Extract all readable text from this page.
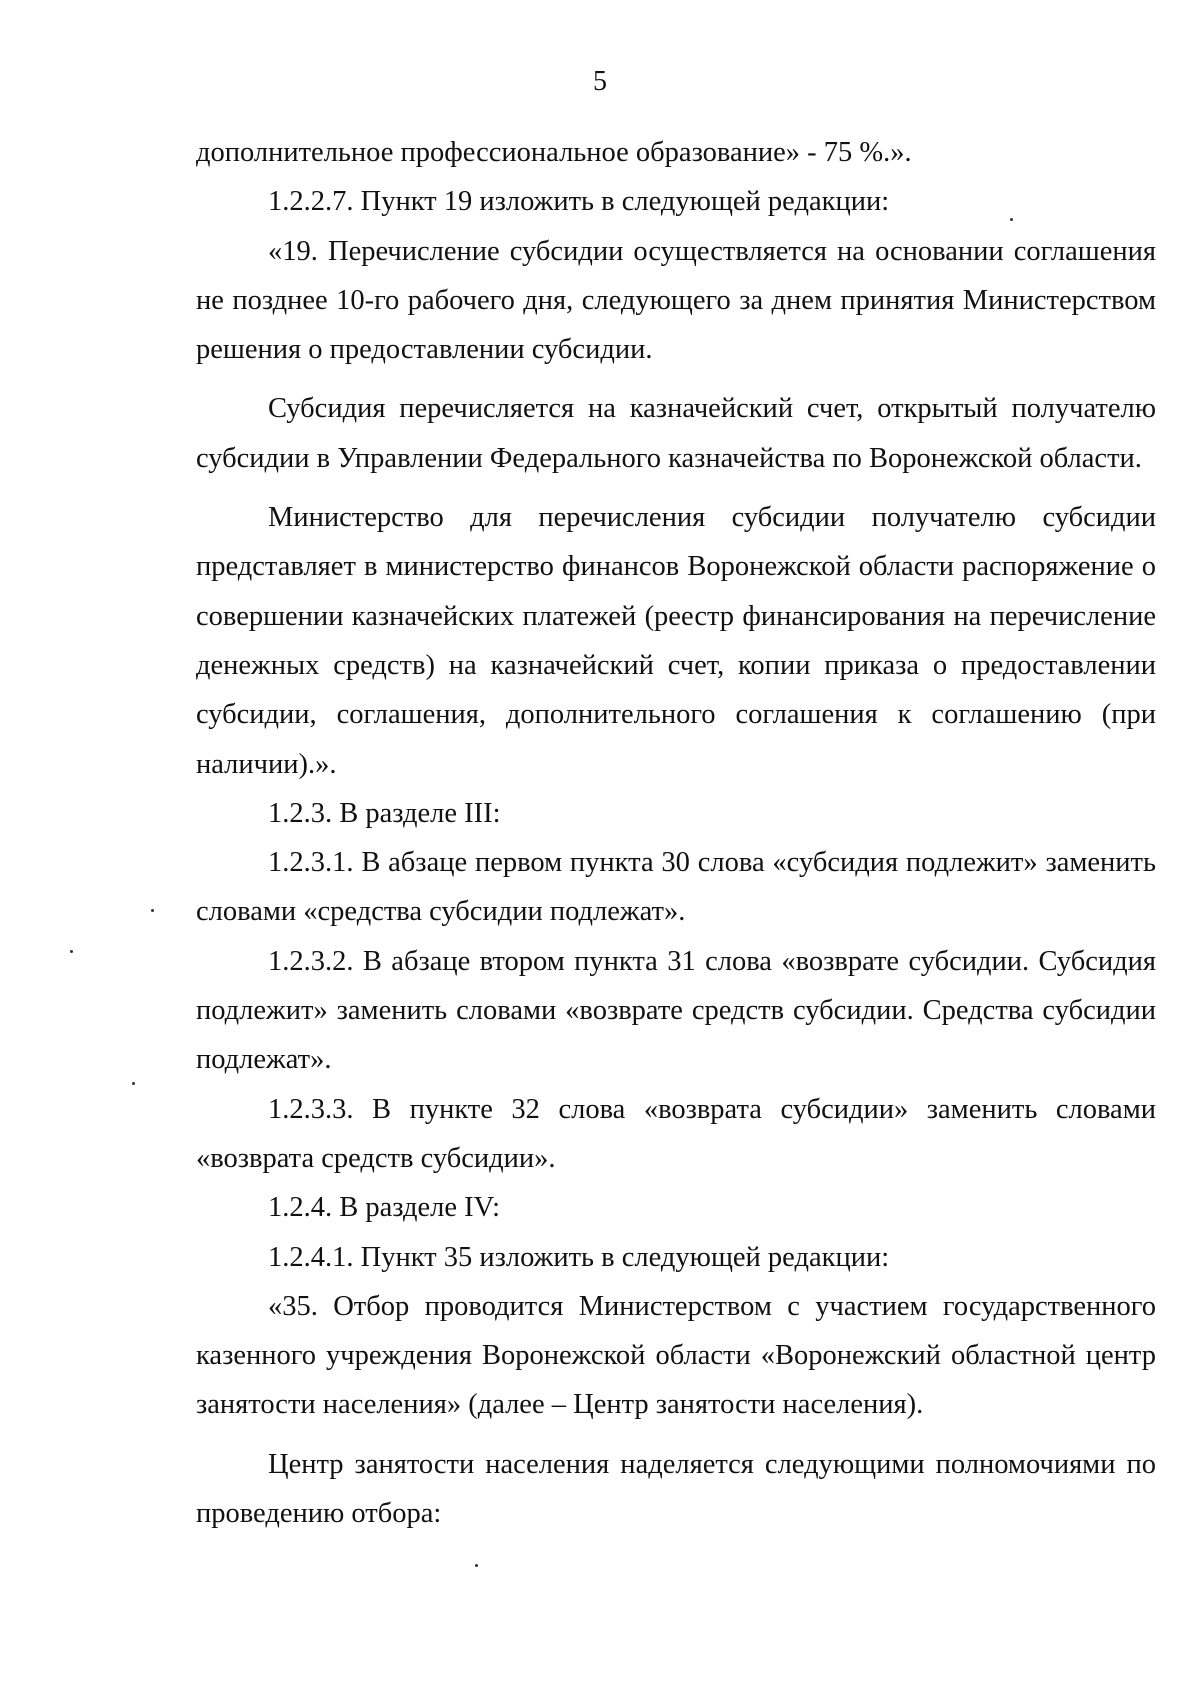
5

дополнительное профессиональное образование» - 75 %.».

1.2.2.7. Пункт 19 изложить в следующей редакции:

«19. Перечисление субсидии осуществляется на основании соглашения не позднее 10-го рабочего дня, следующего за днем принятия Министерством решения о предоставлении субсидии.

Субсидия перечисляется на казначейский счет, открытый получателю субсидии в Управлении Федерального казначейства по Воронежской области.

Министерство для перечисления субсидии получателю субсидии представляет в министерство финансов Воронежской области распоряжение о совершении казначейских платежей (реестр финансирования на перечисление денежных средств) на казначейский счет, копии приказа о предоставлении субсидии, соглашения, дополнительного соглашения к соглашению (при наличии).».

1.2.3. В разделе III:

1.2.3.1. В абзаце первом пункта 30 слова «субсидия подлежит» заменить словами «средства субсидии подлежат».

1.2.3.2. В абзаце втором пункта 31 слова «возврате субсидии. Субсидия подлежит» заменить словами «возврате средств субсидии. Средства субсидии подлежат».

1.2.3.3. В пункте 32 слова «возврата субсидии» заменить словами «возврата средств субсидии».

1.2.4. В разделе IV:

1.2.4.1. Пункт 35 изложить в следующей редакции:

«35. Отбор проводится Министерством с участием государственного казенного учреждения Воронежской области «Воронежский областной центр занятости населения» (далее – Центр занятости населения).

Центр занятости населения наделяется следующими полномочиями по проведению отбора:
